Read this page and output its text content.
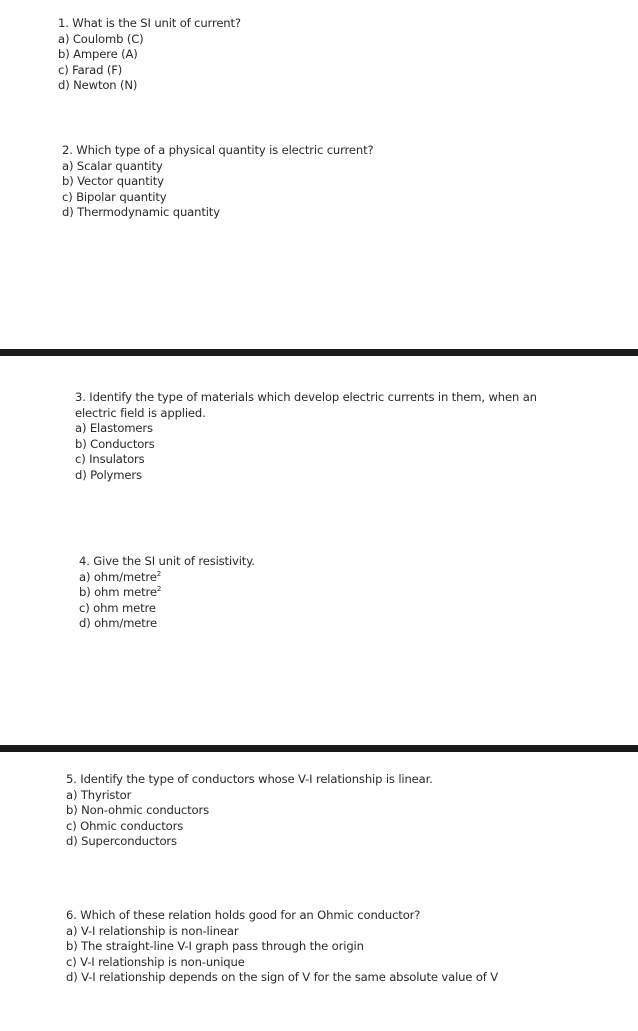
1. What is the SI unit of current?
a) Coulomb (C)
b) Ampere (A)
c) Farad (F)
d) Newton (N)
2. Which type of a physical quantity is electric current?
a) Scalar quantity
b) Vector quantity
c) Bipolar quantity
d) Thermodynamic quantity
3. Identify the type of materials which develop electric currents in them, when an
electric field is applied.
a) Elastomers
b) Conductors
c) Insulators
d) Polymers
4. Give the SI unit of resistivity.
a) ohm/metre$^2$
b) ohm metre$^2$
c) ohm metre
d) ohm/metre
5. Identify the type of conductors whose V-I relationship is linear.
a) Thyristor
b) Non-ohmic conductors
c) Ohmic conductors
d) Superconductors
6. Which of these relation holds good for an Ohmic conductor?
a) V-I relationship is non-linear
b) The straight-line V-I graph pass through the origin
c) V-I relationship is non-unique
d) V-I relationship depends on the sign of V for the same absolute value of V
